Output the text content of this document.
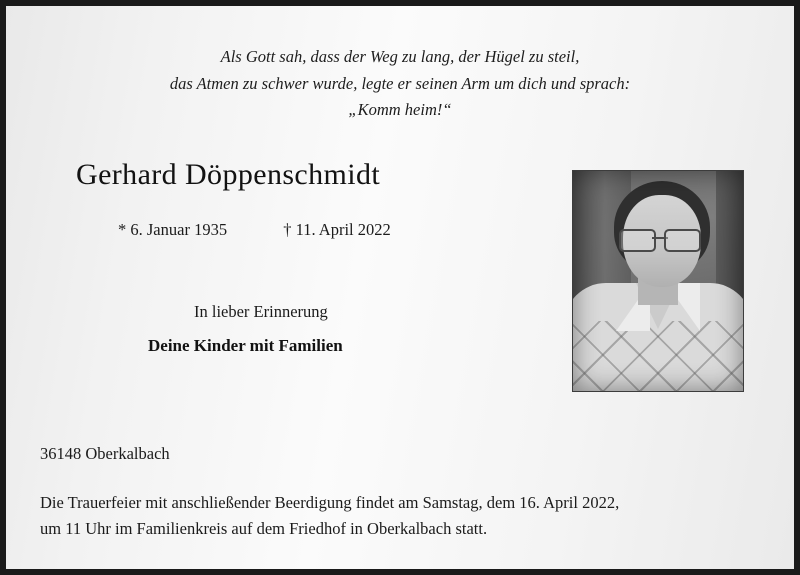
Als Gott sah, dass der Weg zu lang, der Hügel zu steil,
das Atmen zu schwer wurde, legte er seinen Arm um dich und sprach:
„Komm heim!“
Gerhard Döppenschmidt
* 6. Januar 1935	† 11. April 2022
In lieber Erinnerung
Deine Kinder mit Familien
36148 Oberkalbach
Die Trauerfeier mit anschließender Beerdigung findet am Samstag, dem 16. April 2022,
um 11 Uhr im Familienkreis auf dem Friedhof in Oberkalbach statt.
